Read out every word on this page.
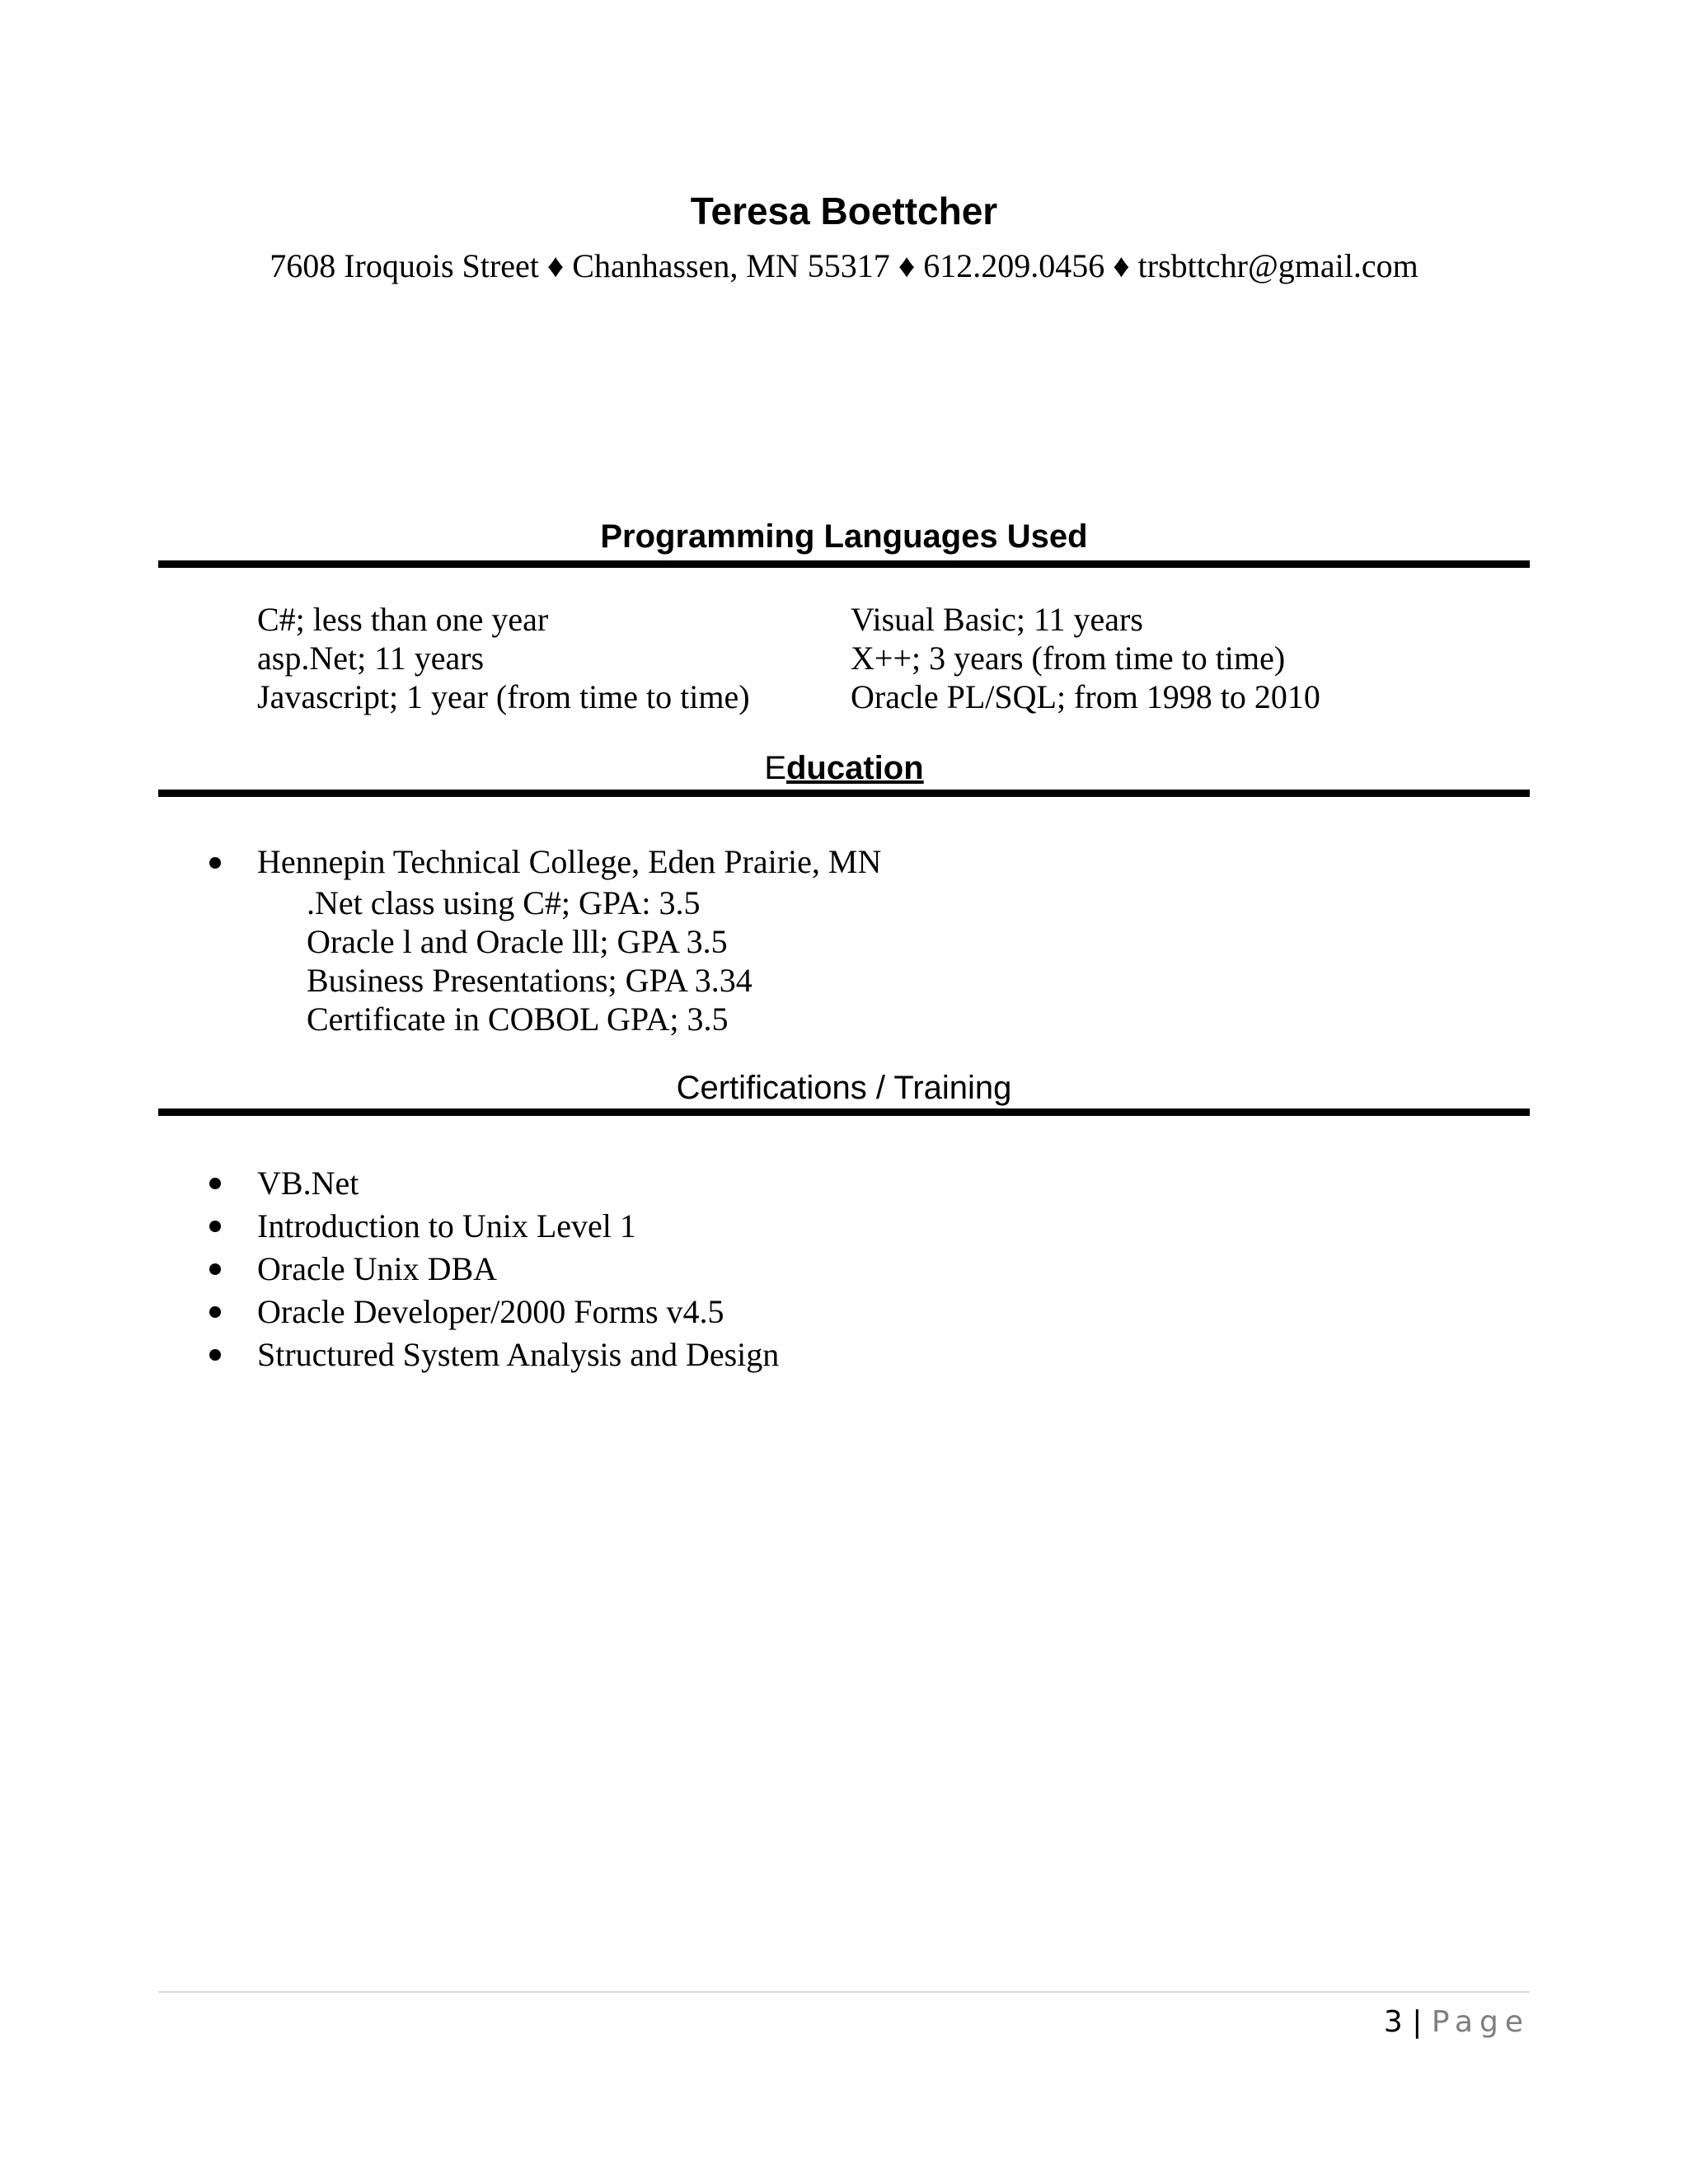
Teresa Boettcher
7608 Iroquois Street ♦ Chanhassen, MN 55317 ♦ 612.209.0456 ♦ trsbttchr@gmail.com
Programming Languages Used
C#; less than one year
asp.Net; 11 years
Javascript; 1 year (from time to time)
Visual Basic; 11 years
X++; 3 years (from time to time)
Oracle PL/SQL; from 1998 to 2010
Education
Hennepin Technical College, Eden Prairie, MN
.Net class using C#; GPA: 3.5
Oracle l and Oracle lll; GPA 3.5
Business Presentations; GPA 3.34
Certificate in COBOL GPA; 3.5
Certifications / Training
VB.Net
Introduction to Unix Level 1
Oracle Unix DBA
Oracle Developer/2000 Forms v4.5
Structured System Analysis and Design
3 | Page
